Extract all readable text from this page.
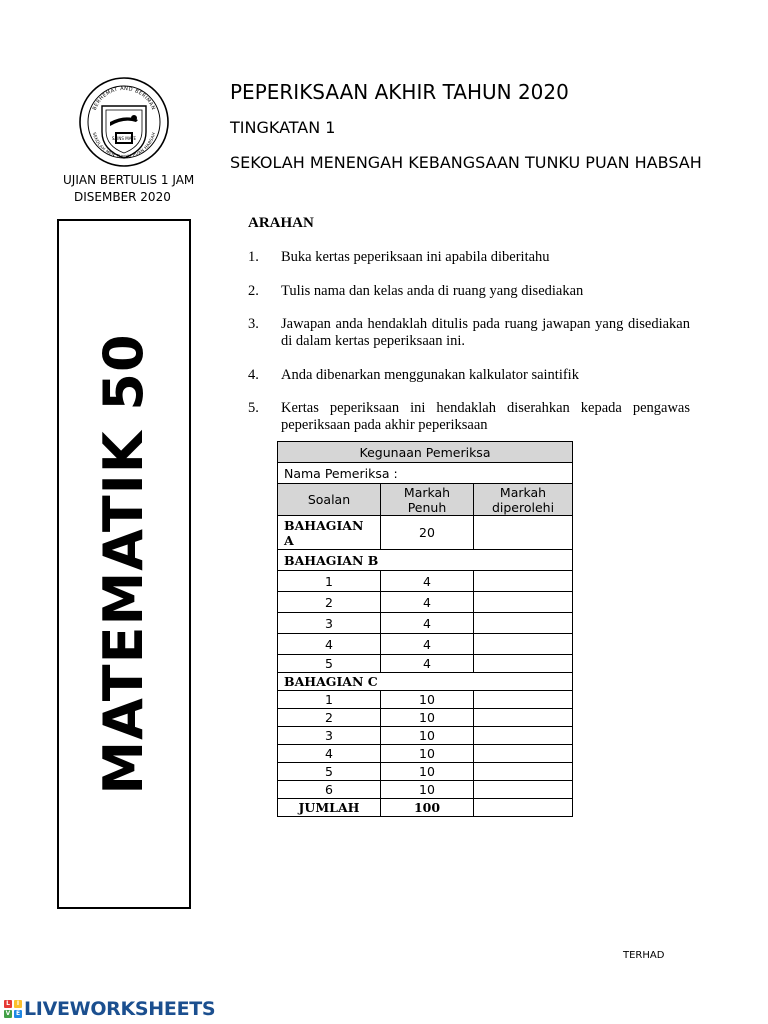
BERHEMAT AND BERIMAN
SEKOLAH MEN TUNKU PUAN HABSAH
SAINS MATE
PEPERIKSAAN AKHIR TAHUN 2020
TINGKATAN 1
SEKOLAH MENENGAH KEBANGSAAN TUNKU PUAN HABSAH
UJIAN BERTULIS 1 JAM
DISEMBER 2020
MATEMATIK 50
ARAHAN
1. Buka kertas peperiksaan ini apabila diberitahu
2. Tulis nama dan kelas anda di ruang yang disediakan
3. Jawapan anda hendaklah ditulis pada ruang jawapan yang disediakan di dalam kertas peperiksaan ini.
4. Anda dibenarkan menggunakan kalkulator saintifik
5. Kertas peperiksaan ini hendaklah diserahkan kepada pengawas peperiksaan pada akhir peperiksaan
Kegunaan Pemeriksa		
Nama Pemeriksa :		
Soalan	Markah Penuh	Markah diperolehi
BAHAGIAN A	20	
BAHAGIAN B		
1	4	
2	4	
3	4	
4	4	
5	4	
BAHAGIAN C		
1	10	
2	10	
3	10	
4	10	
5	10	
6	10	
JUMLAH	100	
TERHAD
L	I
V E LIVEWORKSHEETS
